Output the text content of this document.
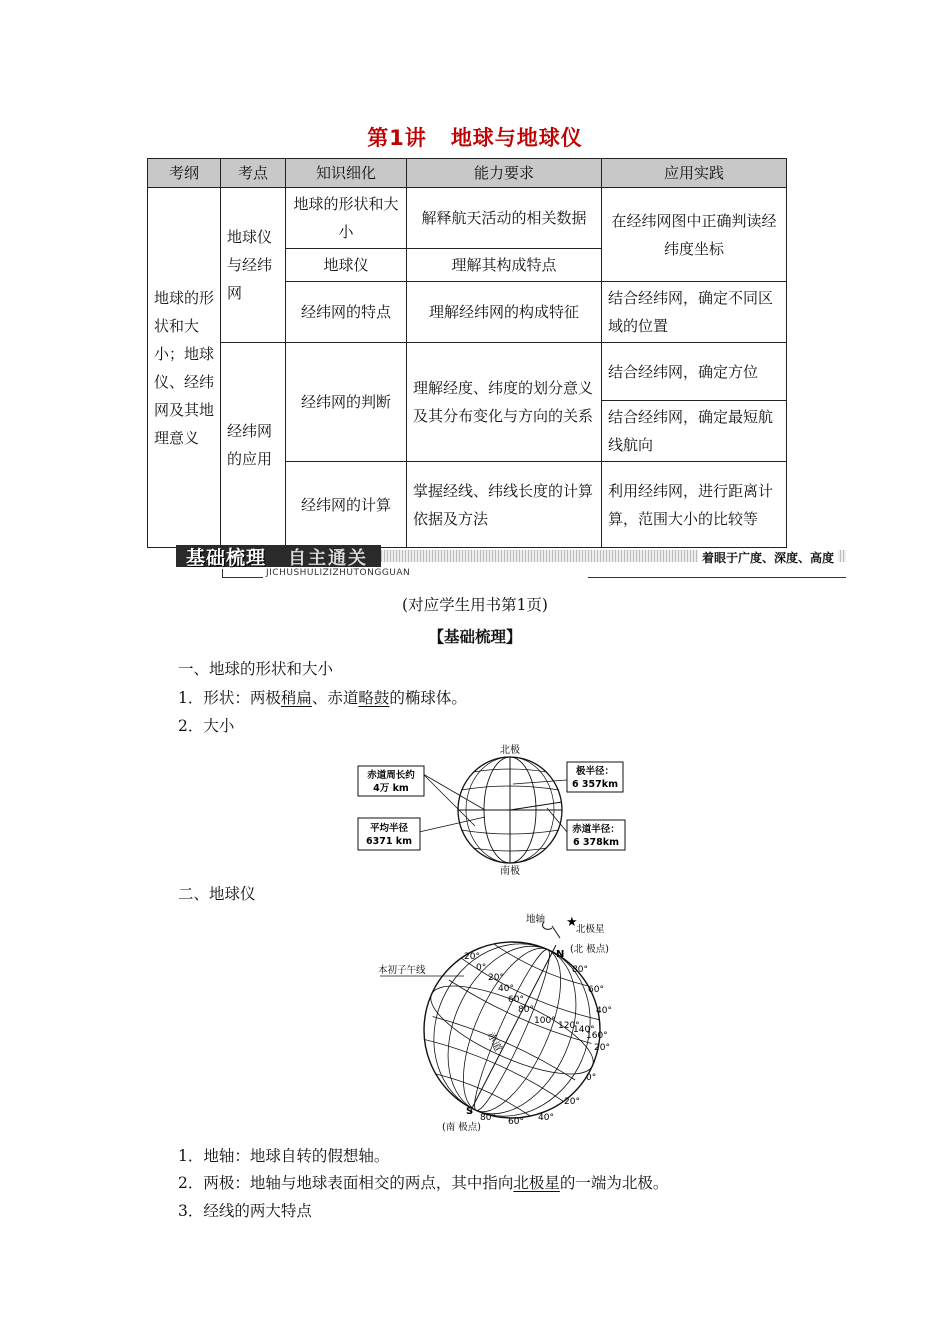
第1讲 地球与地球仪
考纲	考点	知识细化	能力要求	应用实践
地球的形状和大小；地球仪、经纬网及其地理意义	地球仪与经纬网	地球的形状和大小	解释航天活动的相关数据	在经纬网图中正确判读经纬度坐标
		地球仪	理解其构成特点	
		经纬网的特点	理解经纬网的构成特征	结合经纬网，确定不同区域的位置
	经纬网的应用	经纬网的判断	理解经度、纬度的划分意义及其分布变化与方向的关系	结合经纬网，确定方位
				结合经纬网，确定最短航线航向
		经纬网的计算	掌握经线、纬线长度的计算依据及方法	利用经纬网，进行距离计算，范围大小的比较等
基础梳理 自主通关	着眼于广度、深度、高度
JICHUSHULIZIZHUTONGGUAN
(对应学生用书第1页)
【基础梳理】
一、地球的形状和大小
1．形状：两极稍扁、赤道略鼓的椭球体。
2．大小
北极
南极
赤道周长约
4万 km
平均半径
6371 km
极半径：
6 357km
赤道半径：
6 378km
二、地球仪
★
地轴
北极星
(北 极点)
N
本初子午线
赤道
S
(南 极点)
20°
0°
20°
40°
60°
80°
100° 120°
140°
160°
80°
60°
40°
20°
0°
20°
40°
60°
80°
1．地轴：地球自转的假想轴。
2．两极：地轴与地球表面相交的两点，其中指向北极星的一端为北极。
3．经线的两大特点
